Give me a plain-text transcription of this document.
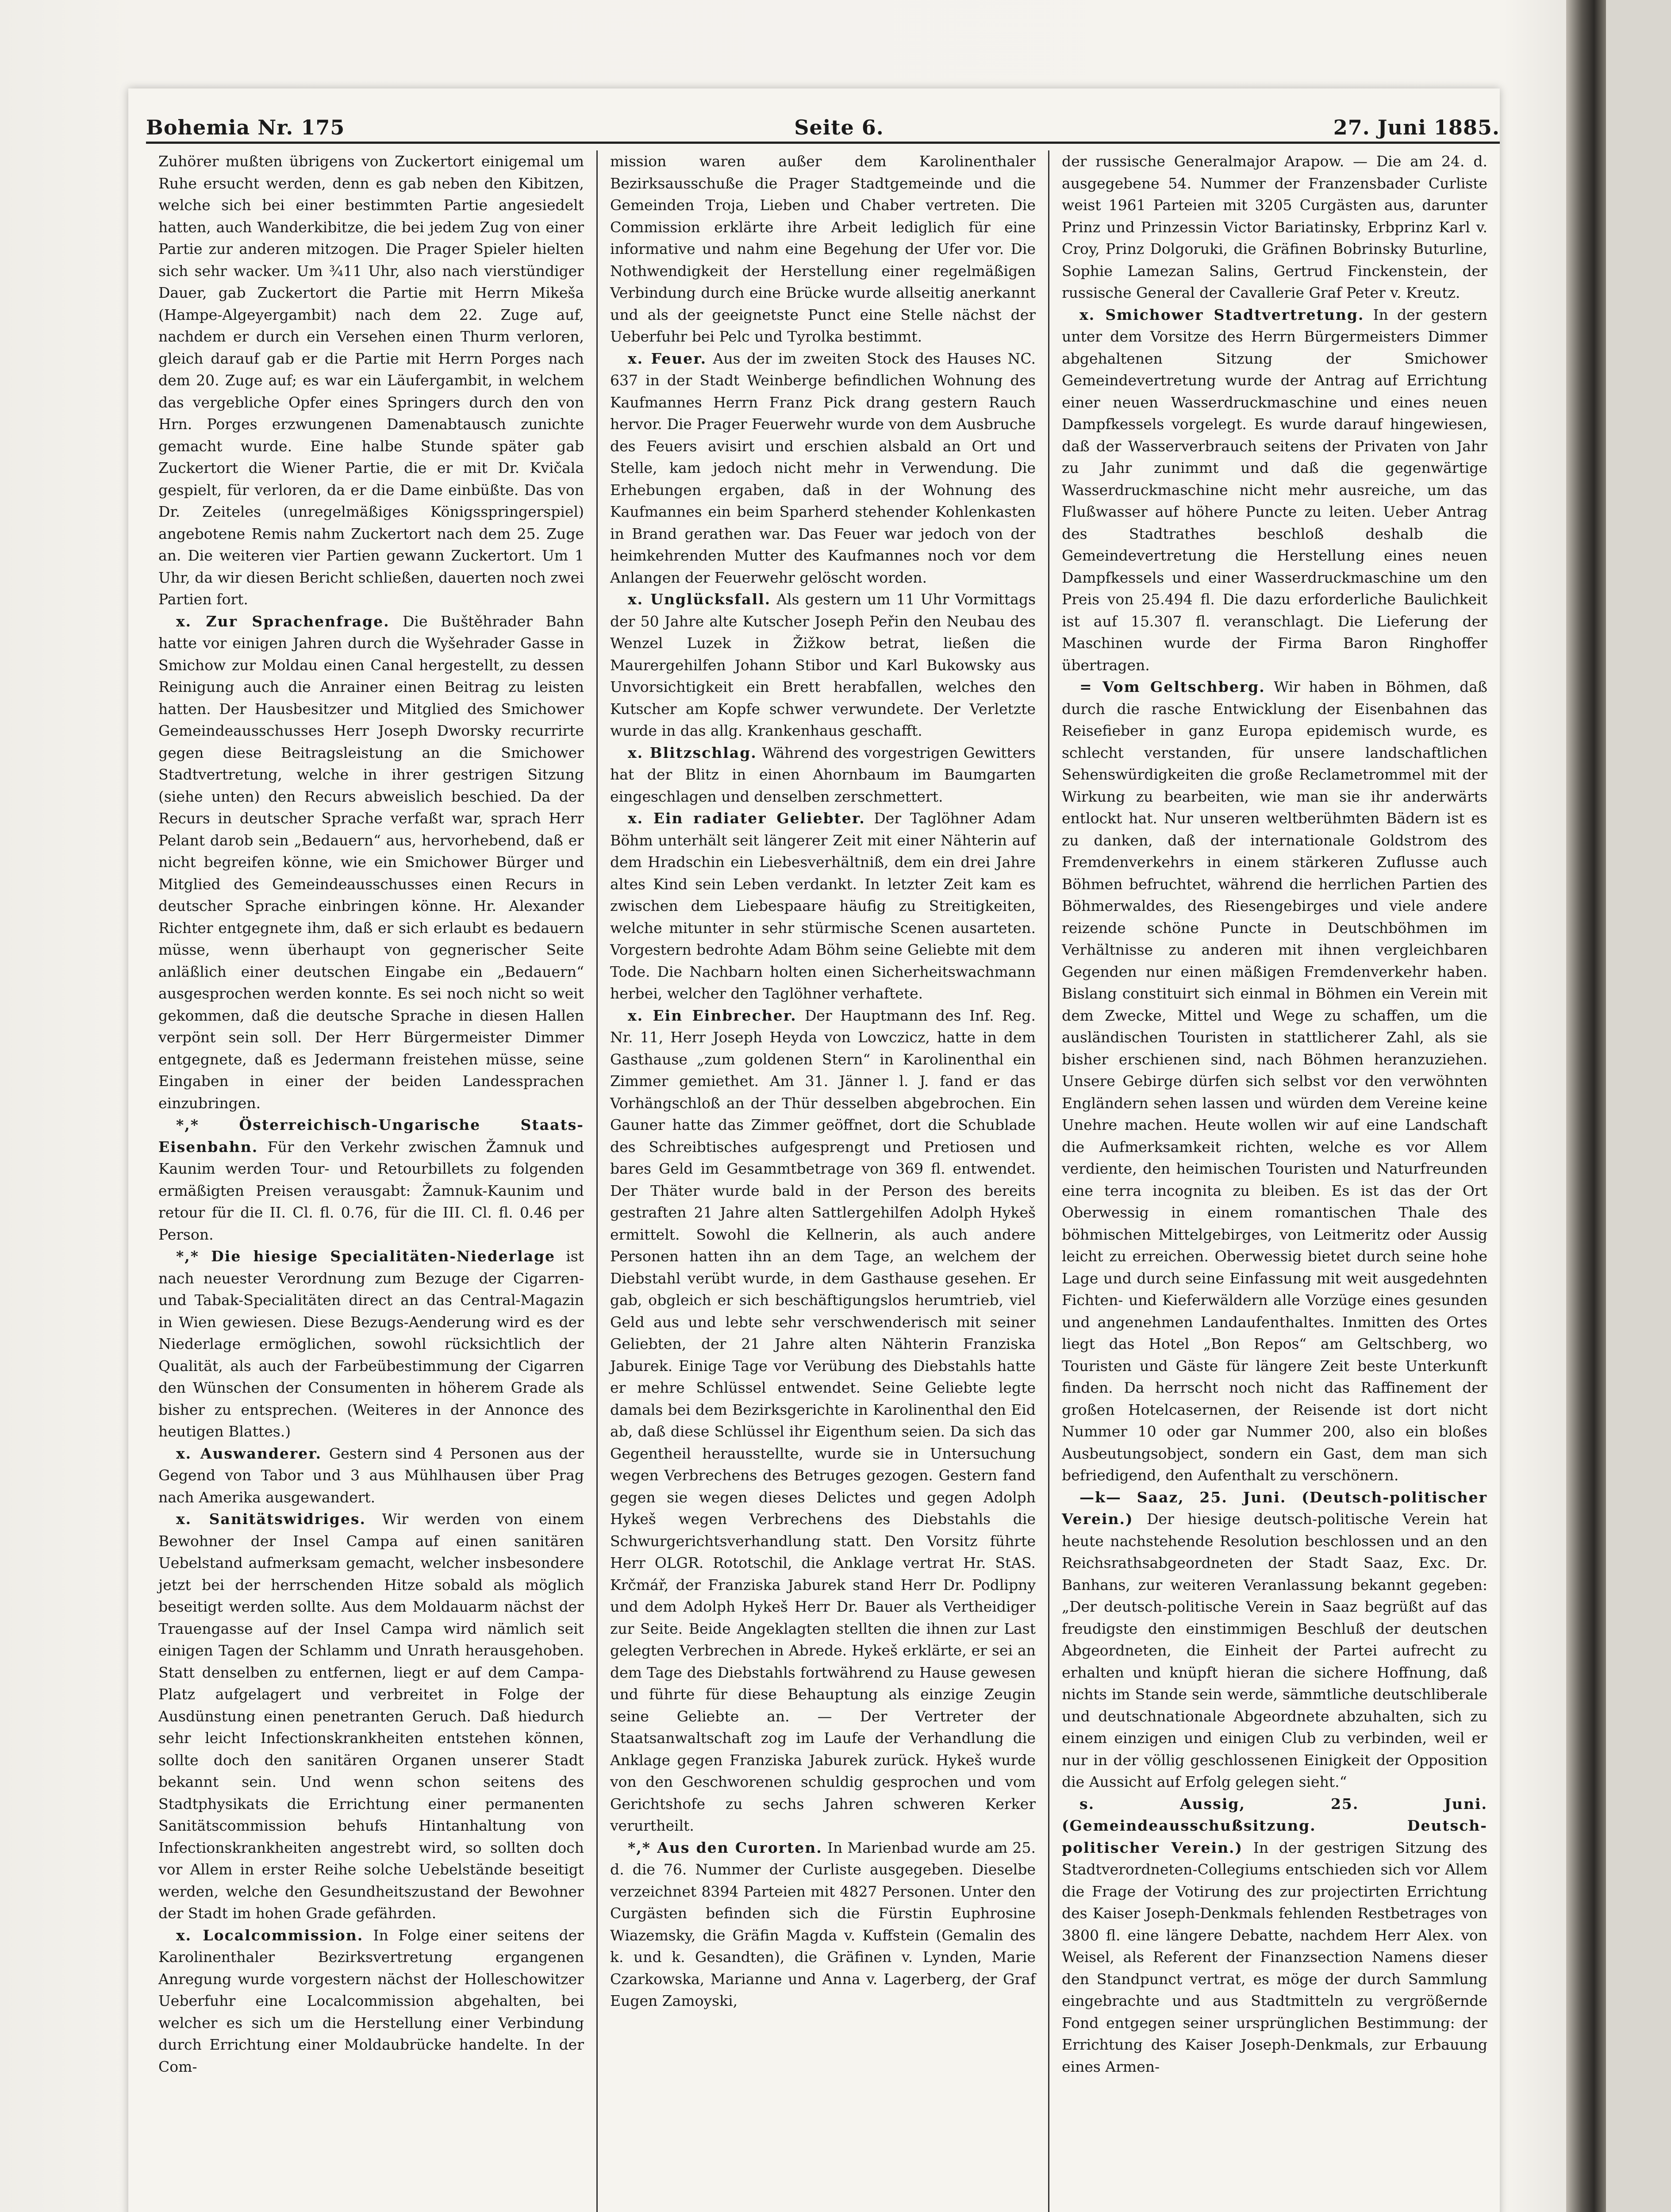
Bohemia Nr. 175	Seite 6.	27. Juni 1885.

Zuhörer mußten übrigens von Zuckertort einigemal um Ruhe ersucht werden, denn es gab neben den Kibitzen, welche sich bei einer bestimmten Partie angesiedelt hatten, auch Wanderkibitze, die bei jedem Zug von einer Partie zur anderen mitzogen. Die Prager Spieler hielten sich sehr wacker. Um ¾11 Uhr, also nach vierstündiger Dauer, gab Zuckertort die Partie mit Herrn Mikeša (Hampe-Algeyergambit) nach dem 22. Zuge auf, nachdem er durch ein Versehen einen Thurm verloren, gleich darauf gab er die Partie mit Herrn Porges nach dem 20. Zuge auf; es war ein Läufergambit, in welchem das vergebliche Opfer eines Springers durch den von Hrn. Porges erzwungenen Damenabtausch zunichte gemacht wurde. Eine halbe Stunde später gab Zuckertort die Wiener Partie, die er mit Dr. Kvičala gespielt, für verloren, da er die Dame einbüßte. Das von Dr. Zeiteles (unregelmäßiges Königsspringerspiel) angebotene Remis nahm Zuckertort nach dem 25. Zuge an. Die weiteren vier Partien gewann Zuckertort. Um 1 Uhr, da wir diesen Bericht schließen, dauerten noch zwei Partien fort.

x. Zur Sprachenfrage. Die Buštěhrader Bahn hatte vor einigen Jahren durch die Wyšehrader Gasse in Smichow zur Moldau einen Canal hergestellt, zu dessen Reinigung auch die Anrainer einen Beitrag zu leisten hatten. Der Hausbesitzer und Mitglied des Smichower Gemeindeausschusses Herr Joseph Dworsky recurrirte gegen diese Beitragsleistung an die Smichower Stadtvertretung, welche in ihrer gestrigen Sitzung (siehe unten) den Recurs abweislich beschied. Da der Recurs in deutscher Sprache verfaßt war, sprach Herr Pelant darob sein „Bedauern“ aus, hervorhebend, daß er nicht begreifen könne, wie ein Smichower Bürger und Mitglied des Gemeindeausschusses einen Recurs in deutscher Sprache einbringen könne. Hr. Alexander Richter entgegnete ihm, daß er sich erlaubt es bedauern müsse, wenn überhaupt von gegnerischer Seite anläßlich einer deutschen Eingabe ein „Bedauern“ ausgesprochen werden konnte. Es sei noch nicht so weit gekommen, daß die deutsche Sprache in diesen Hallen verpönt sein soll. Der Herr Bürgermeister Dimmer entgegnete, daß es Jedermann freistehen müsse, seine Eingaben in einer der beiden Landessprachen einzubringen.

*,* Österreichisch-Ungarische Staats-Eisenbahn. Für den Verkehr zwischen Žamnuk und Kaunim werden Tour- und Retourbillets zu folgenden ermäßigten Preisen verausgabt: Žamnuk-Kaunim und retour für die II. Cl. fl. 0.76, für die III. Cl. fl. 0.46 per Person.

*,* Die hiesige Specialitäten-Niederlage ist nach neuester Verordnung zum Bezuge der Cigarren- und Tabak-Specialitäten direct an das Central-Magazin in Wien gewiesen. Diese Bezugs-Aenderung wird es der Niederlage ermöglichen, sowohl rücksichtlich der Qualität, als auch der Farbeübestimmung der Cigarren den Wünschen der Consumenten in höherem Grade als bisher zu entsprechen. (Weiteres in der Annonce des heutigen Blattes.)

x. Auswanderer. Gestern sind 4 Personen aus der Gegend von Tabor und 3 aus Mühlhausen über Prag nach Amerika ausgewandert.

x. Sanitätswidriges. Wir werden von einem Bewohner der Insel Campa auf einen sanitären Uebelstand aufmerksam gemacht, welcher insbesondere jetzt bei der herrschenden Hitze sobald als möglich beseitigt werden sollte. Aus dem Moldauarm nächst der Trauengasse auf der Insel Campa wird nämlich seit einigen Tagen der Schlamm und Unrath herausgehoben. Statt denselben zu entfernen, liegt er auf dem Campa-Platz aufgelagert und verbreitet in Folge der Ausdünstung einen penetranten Geruch. Daß hiedurch sehr leicht Infectionskrankheiten entstehen können, sollte doch den sanitären Organen unserer Stadt bekannt sein. Und wenn schon seitens des Stadtphysikats die Errichtung einer permanenten Sanitätscommission behufs Hintanhaltung von Infectionskrankheiten angestrebt wird, so sollten doch vor Allem in erster Reihe solche Uebelstände beseitigt werden, welche den Gesundheitszustand der Bewohner der Stadt im hohen Grade gefährden.

x. Localcommission. In Folge einer seitens der Karolinenthaler Bezirksvertretung ergangenen Anregung wurde vorgestern nächst der Holleschowitzer Ueberfuhr eine Localcommission abgehalten, bei welcher es sich um die Herstellung einer Verbindung durch Errichtung einer Moldaubrücke handelte. In der Com-

mission waren außer dem Karolinenthaler Bezirksausschuße die Prager Stadtgemeinde und die Gemeinden Troja, Lieben und Chaber vertreten. Die Commission erklärte ihre Arbeit lediglich für eine informative und nahm eine Begehung der Ufer vor. Die Nothwendigkeit der Herstellung einer regelmäßigen Verbindung durch eine Brücke wurde allseitig anerkannt und als der geeignetste Punct eine Stelle nächst der Ueberfuhr bei Pelc und Tyrolka bestimmt.

x. Feuer. Aus der im zweiten Stock des Hauses NC. 637 in der Stadt Weinberge befindlichen Wohnung des Kaufmannes Herrn Franz Pick drang gestern Rauch hervor. Die Prager Feuerwehr wurde von dem Ausbruche des Feuers avisirt und erschien alsbald an Ort und Stelle, kam jedoch nicht mehr in Verwendung. Die Erhebungen ergaben, daß in der Wohnung des Kaufmannes ein beim Sparherd stehender Kohlenkasten in Brand gerathen war. Das Feuer war jedoch von der heimkehrenden Mutter des Kaufmannes noch vor dem Anlangen der Feuerwehr gelöscht worden.

x. Unglücksfall. Als gestern um 11 Uhr Vormittags der 50 Jahre alte Kutscher Joseph Peřin den Neubau des Wenzel Luzek in Žižkow betrat, ließen die Maurergehilfen Johann Stibor und Karl Bukowsky aus Unvorsichtigkeit ein Brett herabfallen, welches den Kutscher am Kopfe schwer verwundete. Der Verletzte wurde in das allg. Krankenhaus geschafft.

x. Blitzschlag. Während des vorgestrigen Gewitters hat der Blitz in einen Ahornbaum im Baumgarten eingeschlagen und denselben zerschmettert.

x. Ein radiater Geliebter. Der Taglöhner Adam Böhm unterhält seit längerer Zeit mit einer Nähterin auf dem Hradschin ein Liebesverhältniß, dem ein drei Jahre altes Kind sein Leben verdankt. In letzter Zeit kam es zwischen dem Liebespaare häufig zu Streitigkeiten, welche mitunter in sehr stürmische Scenen ausarteten. Vorgestern bedrohte Adam Böhm seine Geliebte mit dem Tode. Die Nachbarn holten einen Sicherheitswachmann herbei, welcher den Taglöhner verhaftete.

x. Ein Einbrecher. Der Hauptmann des Inf. Reg. Nr. 11, Herr Joseph Heyda von Lowczicz, hatte in dem Gasthause „zum goldenen Stern“ in Karolinenthal ein Zimmer gemiethet. Am 31. Jänner l. J. fand er das Vorhängschloß an der Thür desselben abgebrochen. Ein Gauner hatte das Zimmer geöffnet, dort die Schublade des Schreibtisches aufgesprengt und Pretiosen und bares Geld im Gesammtbetrage von 369 fl. entwendet. Der Thäter wurde bald in der Person des bereits gestraften 21 Jahre alten Sattlergehilfen Adolph Hykeš ermittelt. Sowohl die Kellnerin, als auch andere Personen hatten ihn an dem Tage, an welchem der Diebstahl verübt wurde, in dem Gasthause gesehen. Er gab, obgleich er sich beschäftigungslos herumtrieb, viel Geld aus und lebte sehr verschwenderisch mit seiner Geliebten, der 21 Jahre alten Nähterin Franziska Jaburek. Einige Tage vor Verübung des Diebstahls hatte er mehre Schlüssel entwendet. Seine Geliebte legte damals bei dem Bezirksgerichte in Karolinenthal den Eid ab, daß diese Schlüssel ihr Eigenthum seien. Da sich das Gegentheil herausstellte, wurde sie in Untersuchung wegen Verbrechens des Betruges gezogen. Gestern fand gegen sie wegen dieses Delictes und gegen Adolph Hykeš wegen Verbrechens des Diebstahls die Schwurgerichtsverhandlung statt. Den Vorsitz führte Herr OLGR. Rototschil, die Anklage vertrat Hr. StAS. Krčmář, der Franziska Jaburek stand Herr Dr. Podlipny und dem Adolph Hykeš Herr Dr. Bauer als Vertheidiger zur Seite. Beide Angeklagten stellten die ihnen zur Last gelegten Verbrechen in Abrede. Hykeš erklärte, er sei an dem Tage des Diebstahls fortwährend zu Hause gewesen und führte für diese Behauptung als einzige Zeugin seine Geliebte an. — Der Vertreter der Staatsanwaltschaft zog im Laufe der Verhandlung die Anklage gegen Franziska Jaburek zurück. Hykeš wurde von den Geschworenen schuldig gesprochen und vom Gerichtshofe zu sechs Jahren schweren Kerker verurtheilt.

*,* Aus den Curorten. In Marienbad wurde am 25. d. die 76. Nummer der Curliste ausgegeben. Dieselbe verzeichnet 8394 Parteien mit 4827 Personen. Unter den Curgästen befinden sich die Fürstin Euphrosine Wiazemsky, die Gräfin Magda v. Kuffstein (Gemalin des k. und k. Gesandten), die Gräfinen v. Lynden, Marie Czarkowska, Marianne und Anna v. Lagerberg, der Graf Eugen Zamoyski,

der russische Generalmajor Arapow. — Die am 24. d. ausgegebene 54. Nummer der Franzensbader Curliste weist 1961 Parteien mit 3205 Curgästen aus, darunter Prinz und Prinzessin Victor Bariatinsky, Erbprinz Karl v. Croy, Prinz Dolgoruki, die Gräfinen Bobrinsky Buturline, Sophie Lamezan Salins, Gertrud Finckenstein, der russische General der Cavallerie Graf Peter v. Kreutz.

x. Smichower Stadtvertretung. In der gestern unter dem Vorsitze des Herrn Bürgermeisters Dimmer abgehaltenen Sitzung der Smichower Gemeindevertretung wurde der Antrag auf Errichtung einer neuen Wasserdruckmaschine und eines neuen Dampfkessels vorgelegt. Es wurde darauf hingewiesen, daß der Wasserverbrauch seitens der Privaten von Jahr zu Jahr zunimmt und daß die gegenwärtige Wasserdruckmaschine nicht mehr ausreiche, um das Flußwasser auf höhere Puncte zu leiten. Ueber Antrag des Stadtrathes beschloß deshalb die Gemeindevertretung die Herstellung eines neuen Dampfkessels und einer Wasserdruckmaschine um den Preis von 25.494 fl. Die dazu erforderliche Baulichkeit ist auf 15.307 fl. veranschlagt. Die Lieferung der Maschinen wurde der Firma Baron Ringhoffer übertragen.

= Vom Geltschberg. Wir haben in Böhmen, daß durch die rasche Entwicklung der Eisenbahnen das Reisefieber in ganz Europa epidemisch wurde, es schlecht verstanden, für unsere landschaftlichen Sehenswürdigkeiten die große Reclametrommel mit der Wirkung zu bearbeiten, wie man sie ihr anderwärts entlockt hat. Nur unseren weltberühmten Bädern ist es zu danken, daß der internationale Goldstrom des Fremdenverkehrs in einem stärkeren Zuflusse auch Böhmen befruchtet, während die herrlichen Partien des Böhmerwaldes, des Riesengebirges und viele andere reizende schöne Puncte in Deutschböhmen im Verhältnisse zu anderen mit ihnen vergleichbaren Gegenden nur einen mäßigen Fremdenverkehr haben. Bislang constituirt sich einmal in Böhmen ein Verein mit dem Zwecke, Mittel und Wege zu schaffen, um die ausländischen Touristen in stattlicherer Zahl, als sie bisher erschienen sind, nach Böhmen heranzuziehen. Unsere Gebirge dürfen sich selbst vor den verwöhnten Engländern sehen lassen und würden dem Vereine keine Unehre machen. Heute wollen wir auf eine Landschaft die Aufmerksamkeit richten, welche es vor Allem verdiente, den heimischen Touristen und Naturfreunden eine terra incognita zu bleiben. Es ist das der Ort Oberwessig in einem romantischen Thale des böhmischen Mittelgebirges, von Leitmeritz oder Aussig leicht zu erreichen. Oberwessig bietet durch seine hohe Lage und durch seine Einfassung mit weit ausgedehnten Fichten- und Kieferwäldern alle Vorzüge eines gesunden und angenehmen Landaufenthaltes. Inmitten des Ortes liegt das Hotel „Bon Repos“ am Geltschberg, wo Touristen und Gäste für längere Zeit beste Unterkunft finden. Da herrscht noch nicht das Raffinement der großen Hotelcasernen, der Reisende ist dort nicht Nummer 10 oder gar Nummer 200, also ein bloßes Ausbeutungsobject, sondern ein Gast, dem man sich befriedigend, den Aufenthalt zu verschönern.

—k— Saaz, 25. Juni. (Deutsch-politischer Verein.) Der hiesige deutsch-politische Verein hat heute nachstehende Resolution beschlossen und an den Reichsrathsabgeordneten der Stadt Saaz, Exc. Dr. Banhans, zur weiteren Veranlassung bekannt gegeben: „Der deutsch-politische Verein in Saaz begrüßt auf das freudigste den einstimmigen Beschluß der deutschen Abgeordneten, die Einheit der Partei aufrecht zu erhalten und knüpft hieran die sichere Hoffnung, daß nichts im Stande sein werde, sämmtliche deutschliberale und deutschnationale Abgeordnete abzuhalten, sich zu einem einzigen und einigen Club zu verbinden, weil er nur in der völlig geschlossenen Einigkeit der Opposition die Aussicht auf Erfolg gelegen sieht.“

s. Aussig, 25. Juni. (Gemeindeausschußsitzung. Deutsch-politischer Verein.) In der gestrigen Sitzung des Stadtverordneten-Collegiums entschieden sich vor Allem die Frage der Votirung des zur projectirten Errichtung des Kaiser Joseph-Denkmals fehlenden Restbetrages von 3800 fl. eine längere Debatte, nachdem Herr Alex. von Weisel, als Referent der Finanzsection Namens dieser den Standpunct vertrat, es möge der durch Sammlung eingebrachte und aus Stadtmitteln zu vergrößernde Fond entgegen seiner ursprünglichen Bestimmung: der Errichtung des Kaiser Joseph-Denkmals, zur Erbauung eines Armen-
